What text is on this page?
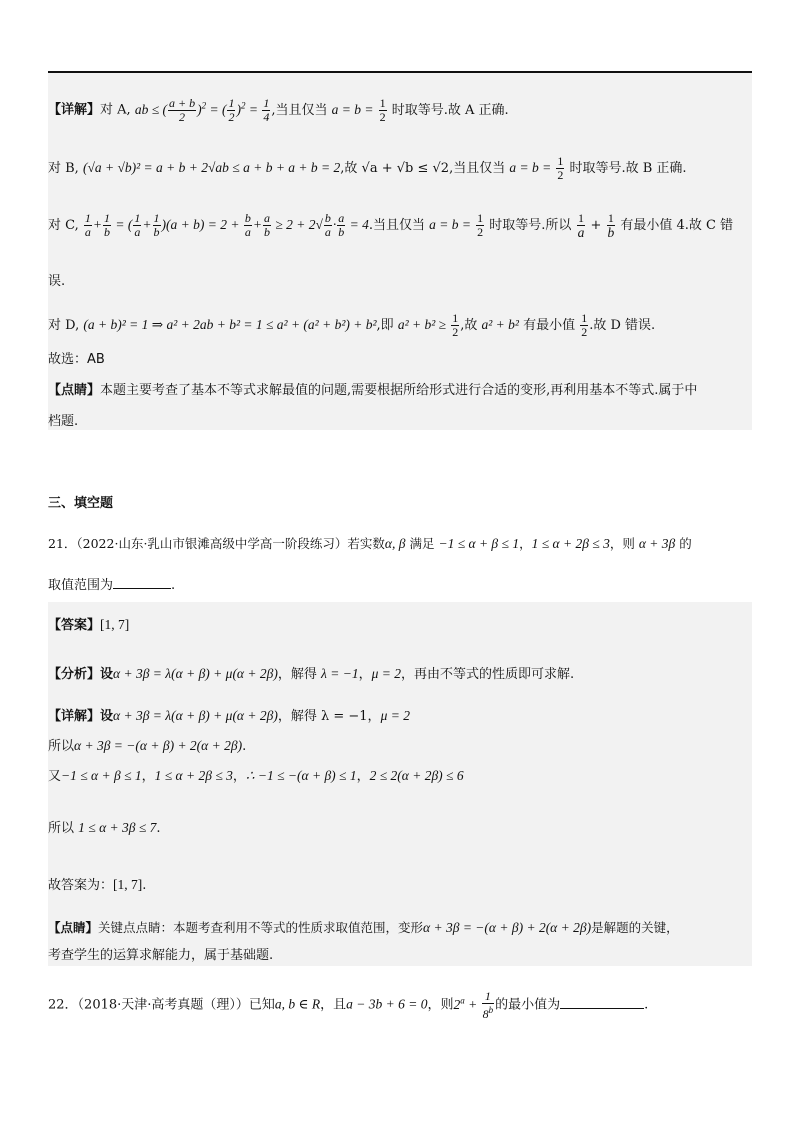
【详解】对 A, ab ≤ ( $\frac{a + b}{2} )^2$ = ( $\frac{1}{2} )^2 = \frac{1}{4}$ ,当且仅当 $a = b = \frac{1}{2}$ 时取等号.故 A 正确.
对 B, (√a + √b)² = a + b + 2√ab ≤ a + b + a + b = 2,故 √a + √b ≤ √2,当且仅当 $a = b = \frac{1}{2}$ 时取等号.故 B 正确.
对 C, $\frac{1}{a} + \frac{1}{b}$ = ( $\frac{1}{a} + \frac{1}{b} )(a + b) = 2 + \frac{b}{a} + \frac{a}{b} \ge 2 + 2√ \frac{b}{a} \cdot \frac{a}{b} = 4$.当且仅当 $a = b = \frac{1}{2}$ 时取等号.所以 $\frac{1}{a} + \frac{1}{b}$ 有最小值 4.故 C 错
误.
对 D, (a + b)² = 1 ⇒ a² + 2ab + b² = 1 ≤ a² + (a² + b²) + b²,即 $a^2 + b^2 \ge \frac{1}{2}$ ,故 a² + b² 有最小值 $\frac{1}{2}$ .故 D 错误.
故选：AB
【点睛】本题主要考查了基本不等式求解最值的问题,需要根据所给形式进行合适的变形,再利用基本不等式.属于中
档题.
三、填空题
21．（2022·山东·乳山市银滩高级中学高一阶段练习）若实数α, β 满足 −1 ≤ α + β ≤ 1，1 ≤ α + 2β ≤ 3，则 α + 3β 的
取值范围为	.
【答案】[1, 7]
【分析】设α + 3β = λ(α + β) + μ(α + 2β)，解得 λ = −1，μ = 2，再由不等式的性质即可求解.
【详解】设α + 3β = λ(α + β) + μ(α + 2β)，解得 λ = −1，μ = 2
所以α + 3β = −(α + β) + 2(α + 2β).
又−1 ≤ α + β ≤ 1，1 ≤ α + 2β ≤ 3，∴ −1 ≤ −(α + β) ≤ 1，2 ≤ 2(α + 2β) ≤ 6
所以 1 ≤ α + 3β ≤ 7.
故答案为：[1, 7].
【点睛】关键点点睛：本题考查利用不等式的性质求取值范围，变形α + 3β = −(α + β) + 2(α + 2β)是解题的关键，
考查学生的运算求解能力，属于基础题.
22．（2018·天津·高考真题（理））已知a, b ∈ R，且a − 3b + 6 = 0，则$2^a + \frac{1}{8^b}$ 的最小值为	.
